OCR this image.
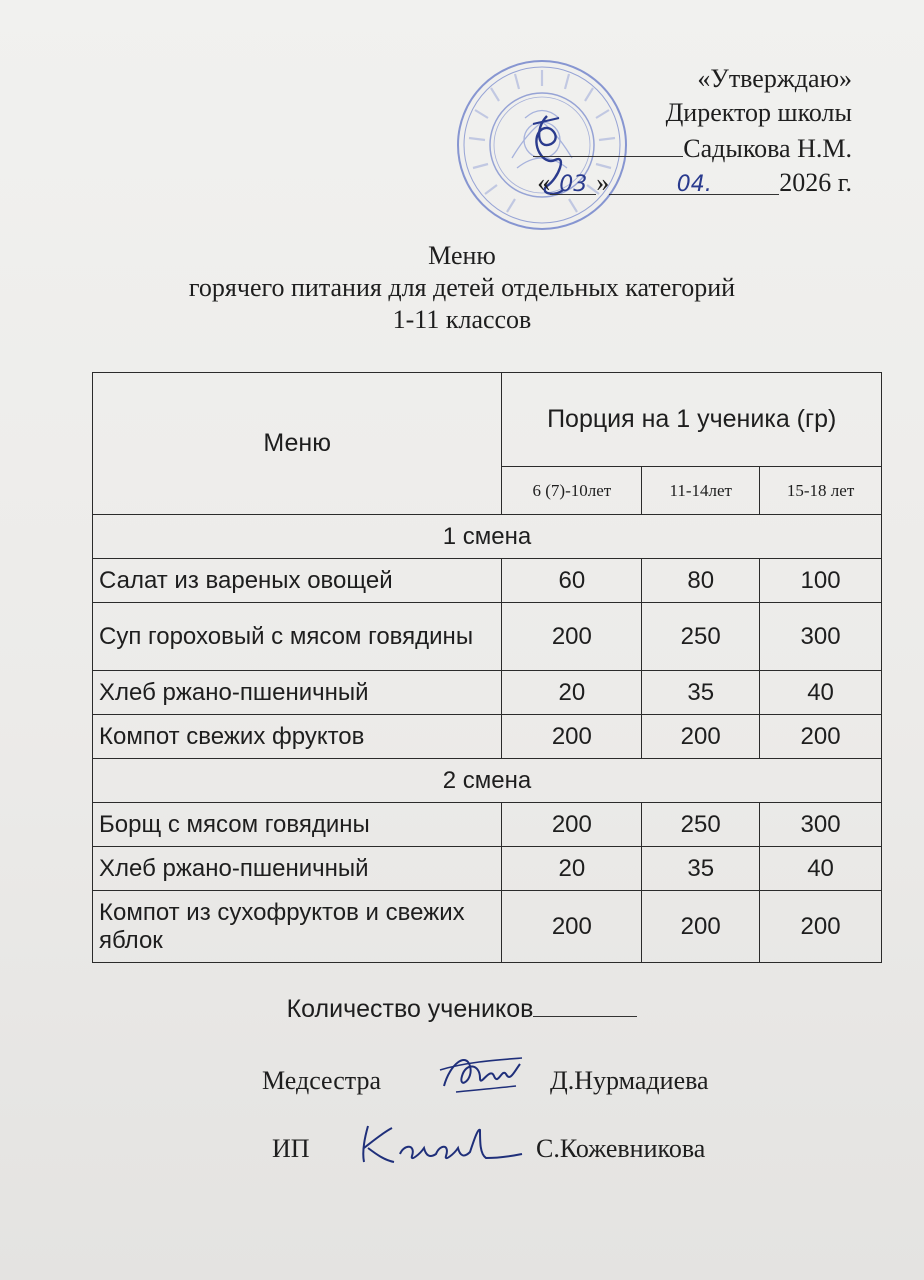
«Утверждаю»
Директор школы
Садыкова Н.М.
« 03 »	04.	2026 г.
Меню
горячего питания для детей отдельных категорий
1-11 классов
Меню	Порция на 1 ученика (гр)		
	6 (7)-10лет	11-14лет	15-18 лет
1 смена			
Салат из вареных овощей	60	80	100
Суп гороховый с мясом говядины	200	250	300
Хлеб ржано-пшеничный	20	35	40
Компот свежих фруктов	200	200	200
2 смена			
Борщ с мясом говядины	200	250	300
Хлеб ржано-пшеничный	20	35	40
Компот из сухофруктов и свежих яблок	200	200	200
Количество учеников
Медсестра	Д.Нурмадиева
ИП	С.Кожевникова
